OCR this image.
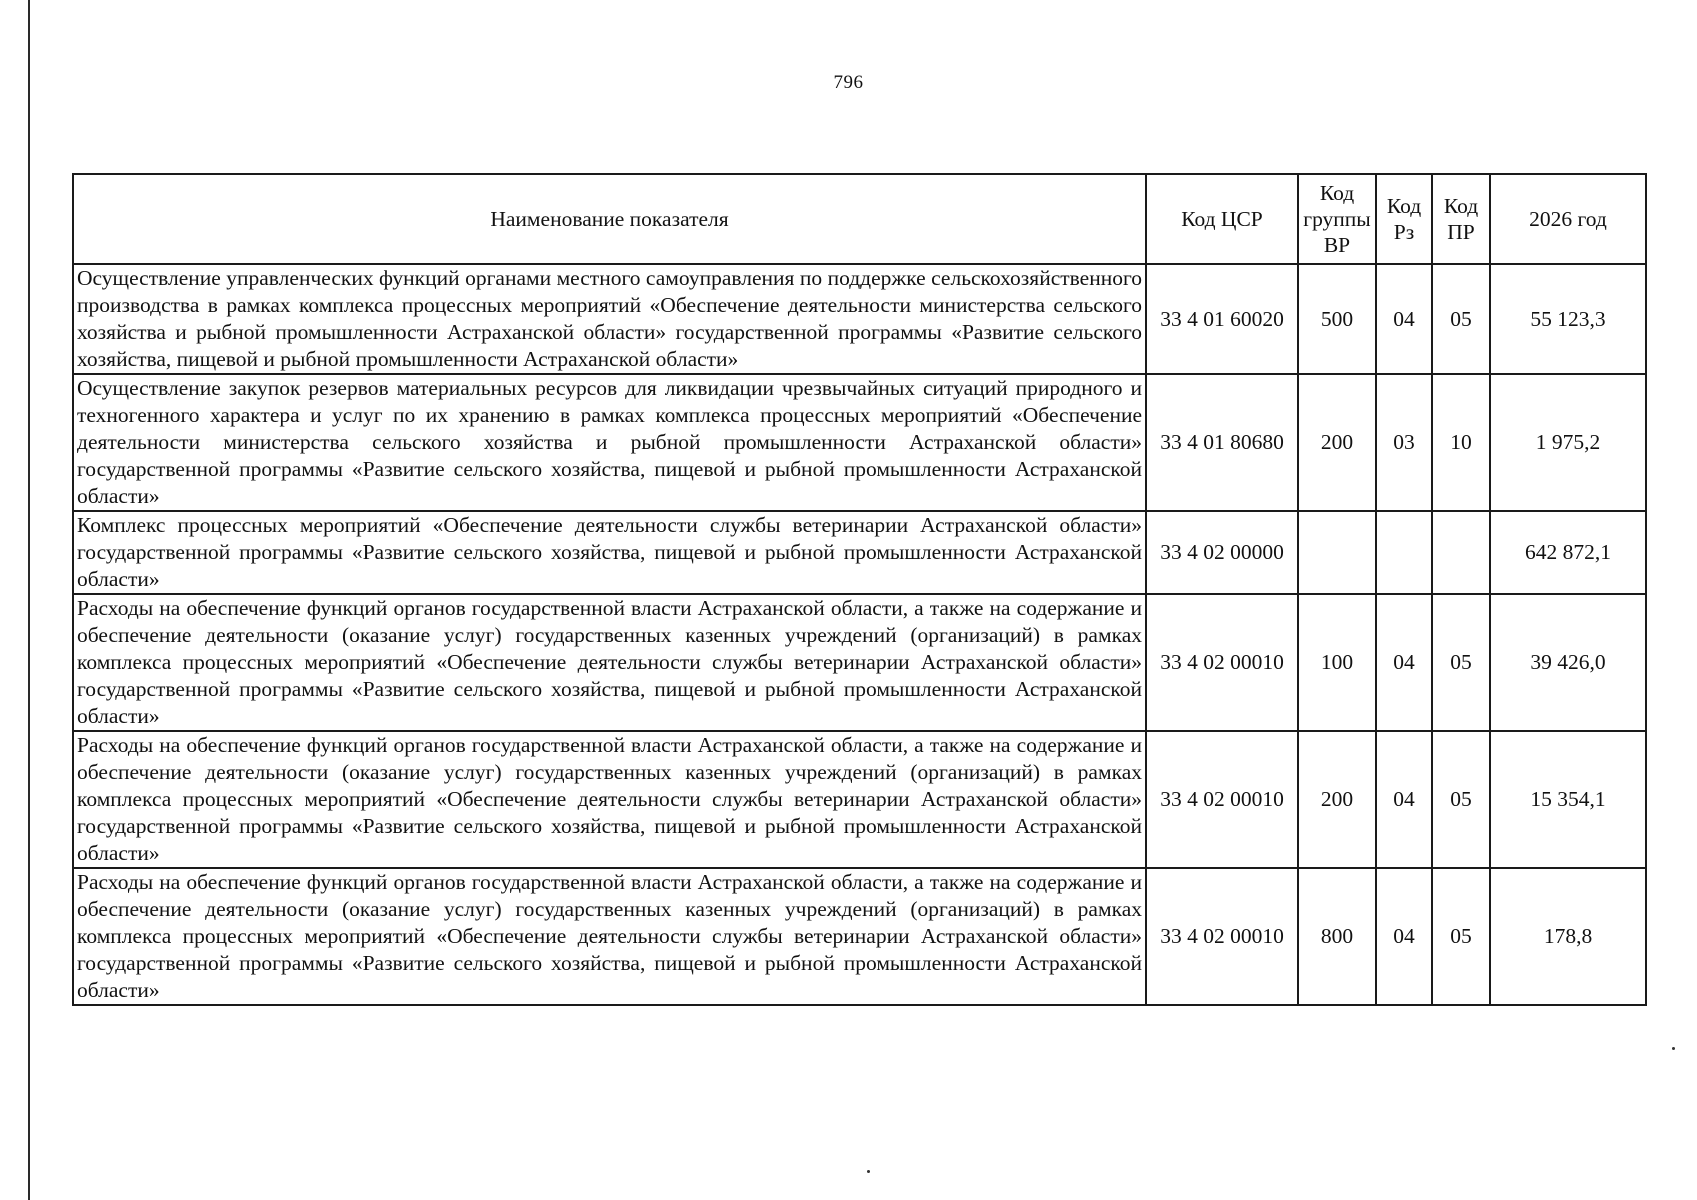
796
Наименование показателя	Код ЦСР	Код группы ВР	Код Рз	Код ПР	2026 год
Осуществление управленческих функций органами местного самоуправления по поддержке сельскохозяйственного производства в рамках комплекса процессных мероприятий «Обеспечение деятельности министерства сельского хозяйства и рыбной промышленности Астраханской области» государственной программы «Развитие сельского хозяйства, пищевой и рыбной промышленности Астраханской области»	33 4 01 60020	500	04	05	55 123,3
Осуществление закупок резервов материальных ресурсов для ликвидации чрезвычайных ситуаций природного и техногенного характера и услуг по их хранению в рамках комплекса процессных мероприятий «Обеспечение деятельности министерства сельского хозяйства и рыбной промышленности Астраханской области» государственной программы «Развитие сельского хозяйства, пищевой и рыбной промышленности Астраханской области»	33 4 01 80680	200	03	10	1 975,2
Комплекс процессных мероприятий «Обеспечение деятельности службы ветеринарии Астраханской области» государственной программы «Развитие сельского хозяйства, пищевой и рыбной промышленности Астраханской области»	33 4 02 00000				642 872,1
Расходы на обеспечение функций органов государственной власти Астраханской области, а также на содержание и обеспечение деятельности (оказание услуг) государственных казенных учреждений (организаций) в рамках комплекса процессных мероприятий «Обеспечение деятельности службы ветеринарии Астраханской области» государственной программы «Развитие сельского хозяйства, пищевой и рыбной промышленности Астраханской области»	33 4 02 00010	100	04	05	39 426,0
Расходы на обеспечение функций органов государственной власти Астраханской области, а также на содержание и обеспечение деятельности (оказание услуг) государственных казенных учреждений (организаций) в рамках комплекса процессных мероприятий «Обеспечение деятельности службы ветеринарии Астраханской области» государственной программы «Развитие сельского хозяйства, пищевой и рыбной промышленности Астраханской области»	33 4 02 00010	200	04	05	15 354,1
Расходы на обеспечение функций органов государственной власти Астраханской области, а также на содержание и обеспечение деятельности (оказание услуг) государственных казенных учреждений (организаций) в рамках комплекса процессных мероприятий «Обеспечение деятельности службы ветеринарии Астраханской области» государственной программы «Развитие сельского хозяйства, пищевой и рыбной промышленности Астраханской области»	33 4 02 00010	800	04	05	178,8
